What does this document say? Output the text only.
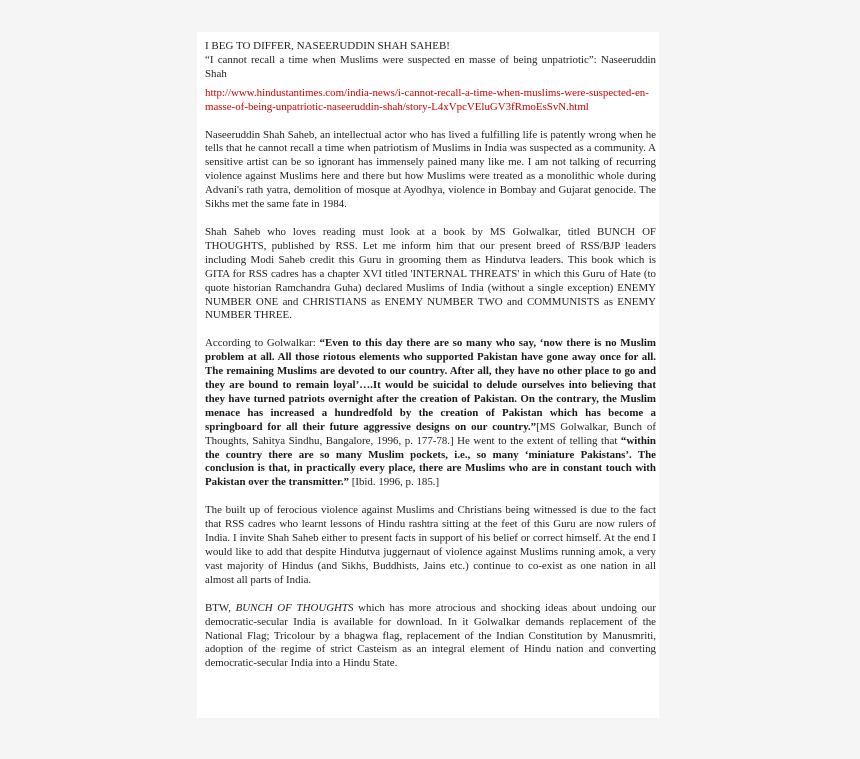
I BEG TO DIFFER, NASEERUDDIN SHAH SAHEB!

“I cannot recall a time when Muslims were suspected en masse of being unpatriotic”: Naseeruddin Shah

http://www.hindustantimes.com/india-news/i-cannot-recall-a-time-when-muslims-were-suspected-en-masse-of-being-unpatriotic-naseeruddin-shah/story-L4xVpcVEluGV3fRmoEsSvN.html

Naseeruddin Shah Saheb, an intellectual actor who has lived a fulfilling life is patently wrong when he tells that he cannot recall a time when patriotism of Muslims in India was suspected as a community. A sensitive artist can be so ignorant has immensely pained many like me. I am not talking of recurring violence against Muslims here and there but how Muslims were treated as a monolithic whole during Advani's rath yatra, demolition of mosque at Ayodhya, violence in Bombay and Gujarat genocide. The Sikhs met the same fate in 1984.

Shah Saheb who loves reading must look at a book by MS Golwalkar, titled BUNCH OF THOUGHTS, published by RSS. Let me inform him that our present breed of RSS/BJP leaders including Modi Saheb credit this Guru in grooming them as Hindutva leaders. This book which is GITA for RSS cadres has a chapter XVI titled 'INTERNAL THREATS' in which this Guru of Hate (to quote historian Ramchandra Guha) declared Muslims of India (without a single exception) ENEMY NUMBER ONE and CHRISTIANS as ENEMY NUMBER TWO and COMMUNISTS as ENEMY NUMBER THREE.

According to Golwalkar: “Even to this day there are so many who say, ‘now there is no Muslim problem at all. All those riotous elements who supported Pakistan have gone away once for all. The remaining Muslims are devoted to our country. After all, they have no other place to go and they are bound to remain loyal’….It would be suicidal to delude ourselves into believing that they have turned patriots overnight after the creation of Pakistan. On the contrary, the Muslim menace has increased a hundredfold by the creation of Pakistan which has become a springboard for all their future aggressive designs on our country.”[MS Golwalkar, Bunch of Thoughts, Sahitya Sindhu, Bangalore, 1996, p. 177-78.] He went to the extent of telling that “within the country there are so many Muslim pockets, i.e., so many ‘miniature Pakistans’. The conclusion is that, in practically every place, there are Muslims who are in constant touch with Pakistan over the transmitter.” [Ibid. 1996, p. 185.]

The built up of ferocious violence against Muslims and Christians being witnessed is due to the fact that RSS cadres who learnt lessons of Hindu rashtra sitting at the feet of this Guru are now rulers of India. I invite Shah Saheb either to present facts in support of his belief or correct himself. At the end I would like to add that despite Hindutva juggernaut of violence against Muslims running amok, a very vast majority of Hindus (and Sikhs, Buddhists, Jains etc.) continue to co-exist as one nation in all almost all parts of India.

BTW, BUNCH OF THOUGHTS which has more atrocious and shocking ideas about undoing our democratic-secular India is available for download. In it Golwalkar demands replacement of the National Flag; Tricolour by a bhagwa flag, replacement of the Indian Constitution by Manusmriti, adoption of the regime of strict Casteism as an integral element of Hindu nation and converting democratic-secular India into a Hindu State.
